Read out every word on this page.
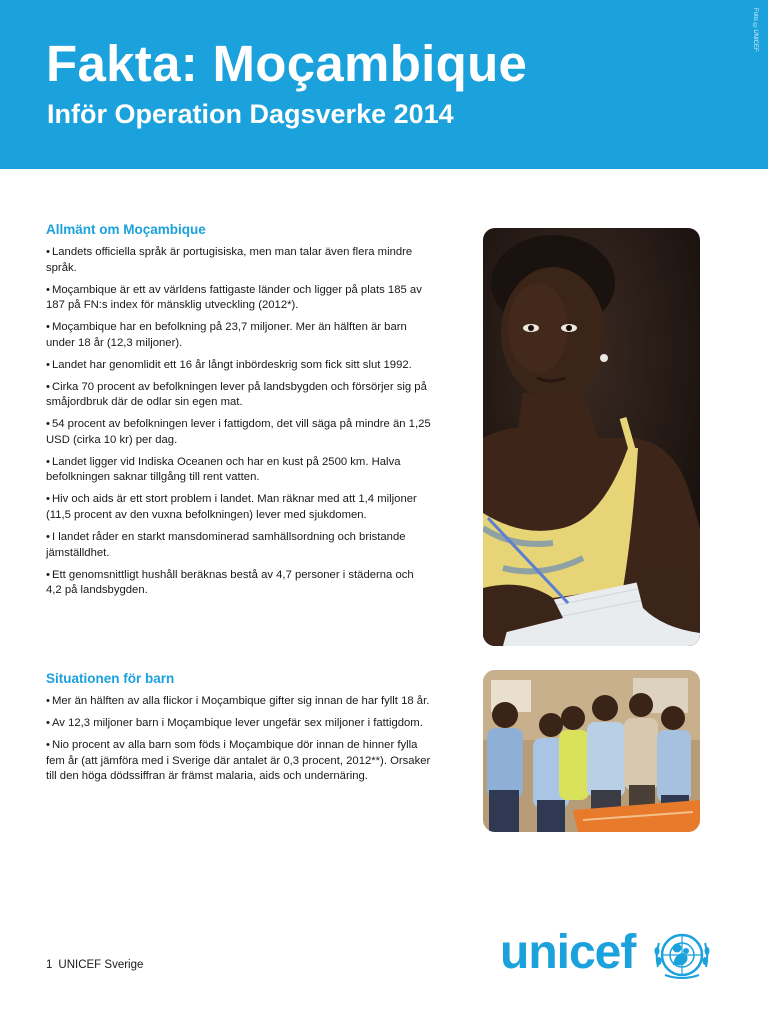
Fakta: Moçambique
Inför Operation Dagsverke 2014
Foto: ©UNICEF
Allmänt om Moçambique
• Landets officiella språk är portugisiska, men man talar även flera mindre språk.
• Moçambique är ett av världens fattigaste länder och ligger på plats 185 av 187 på FN:s index för mänsklig utveckling (2012*).
• Moçambique har en befolkning på 23,7 miljoner. Mer än hälften är barn under 18 år (12,3 miljoner).
• Landet har genomlidit ett 16 år långt inbördeskrig som fick sitt slut 1992.
• Cirka 70 procent av befolkningen lever på landsbygden och försörjer sig på småjordbruk där de odlar sin egen mat.
• 54 procent av befolkningen lever i fattigdom, det vill säga på mindre än 1,25 USD (cirka 10 kr) per dag.
• Landet ligger vid Indiska Oceanen och har en kust på 2500 km. Halva befolkningen saknar tillgång till rent vatten.
• Hiv och aids är ett stort problem i landet. Man räknar med att 1,4 miljoner (11,5 procent av den vuxna befolkningen) lever med sjukdomen.
• I landet råder en starkt mansdominerad samhällsordning och bristande jämställdhet.
• Ett genomsnittligt hushåll beräknas bestå av 4,7 personer i städerna och 4,2 på landsbygden.
Situationen för barn
• Mer än hälften av alla flickor i Moçambique gifter sig innan de har fyllt 18 år.
• Av 12,3 miljoner barn i Moçambique lever ungefär sex miljoner i fattigdom.
• Nio procent av alla barn som föds i Moçambique dör innan de hinner fylla fem år (att jämföra med i Sverige där antalet är 0,3 procent, 2012**). Orsaker till den höga dödssiffran är främst malaria, aids och undernäring.
1 UNICEF Sverige	unicef
